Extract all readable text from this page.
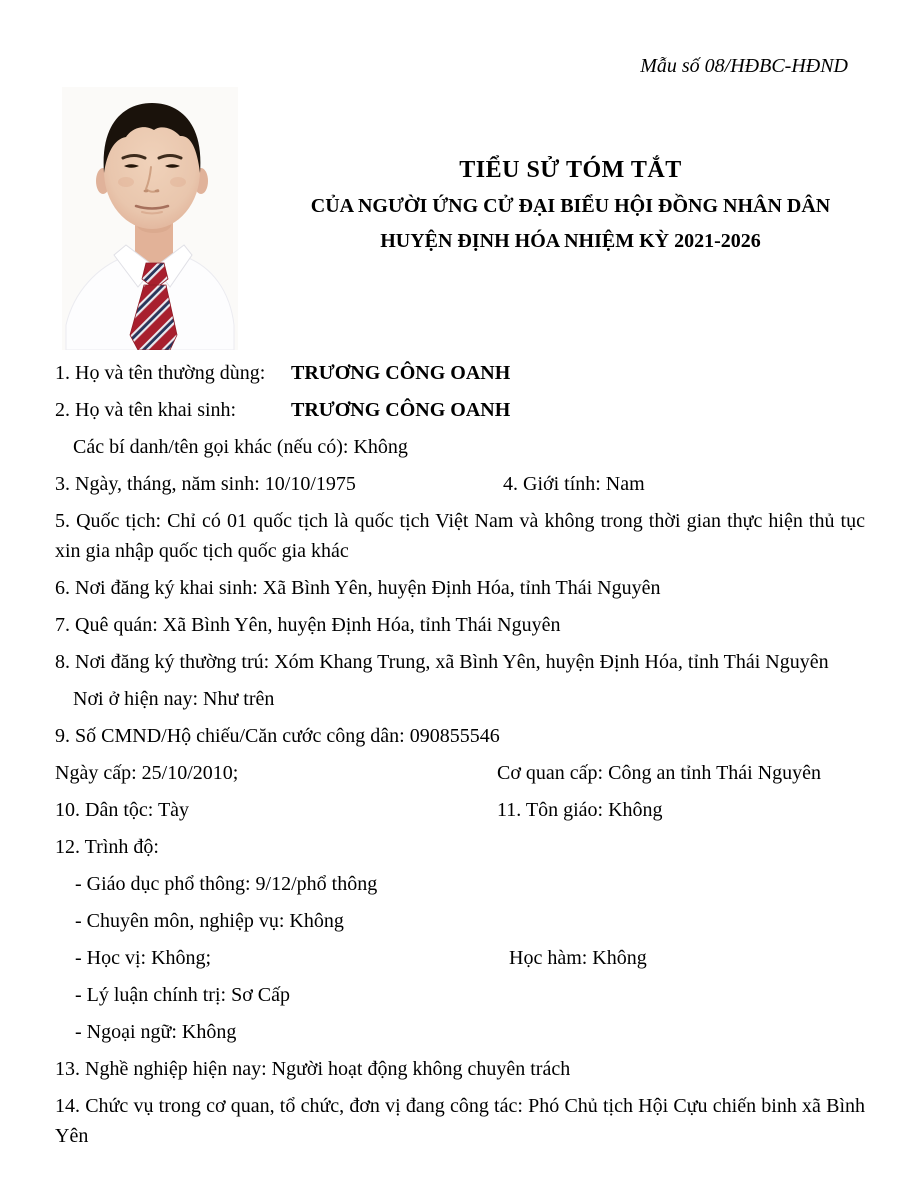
Mẫu số 08/HĐBC-HĐND
TIỂU SỬ TÓM TẮT
CỦA NGƯỜI ỨNG CỬ ĐẠI BIỂU HỘI ĐỒNG NHÂN DÂN
HUYỆN ĐỊNH HÓA NHIỆM KỲ 2021-2026

1. Họ và tên thường dùng: TRƯƠNG CÔNG OANH

2. Họ và tên khai sinh:	TRƯƠNG CÔNG OANH

Các bí danh/tên gọi khác (nếu có): Không

3. Ngày, tháng, năm sinh: 10/10/1975	4. Giới tính: Nam

5. Quốc tịch: Chỉ có 01 quốc tịch là quốc tịch Việt Nam và không trong thời gian thực hiện thủ tục xin gia nhập quốc tịch quốc gia khác

6. Nơi đăng ký khai sinh: Xã Bình Yên, huyện Định Hóa, tỉnh Thái Nguyên

7. Quê quán: Xã Bình Yên, huyện Định Hóa, tỉnh Thái Nguyên

8. Nơi đăng ký thường trú: Xóm Khang Trung, xã Bình Yên, huyện Định Hóa, tỉnh Thái Nguyên

Nơi ở hiện nay: Như trên

9. Số CMND/Hộ chiếu/Căn cước công dân: 090855546

Ngày cấp: 25/10/2010;	Cơ quan cấp: Công an tỉnh Thái Nguyên

10. Dân tộc: Tày	11. Tôn giáo: Không

12. Trình độ:

- Giáo dục phổ thông: 9/12/phổ thông

- Chuyên môn, nghiệp vụ: Không

- Học vị: Không;	Học hàm: Không

- Lý luận chính trị: Sơ Cấp

- Ngoại ngữ: Không

13. Nghề nghiệp hiện nay: Người hoạt động không chuyên trách

14. Chức vụ trong cơ quan, tổ chức, đơn vị đang công tác: Phó Chủ tịch Hội Cựu chiến binh xã Bình Yên
